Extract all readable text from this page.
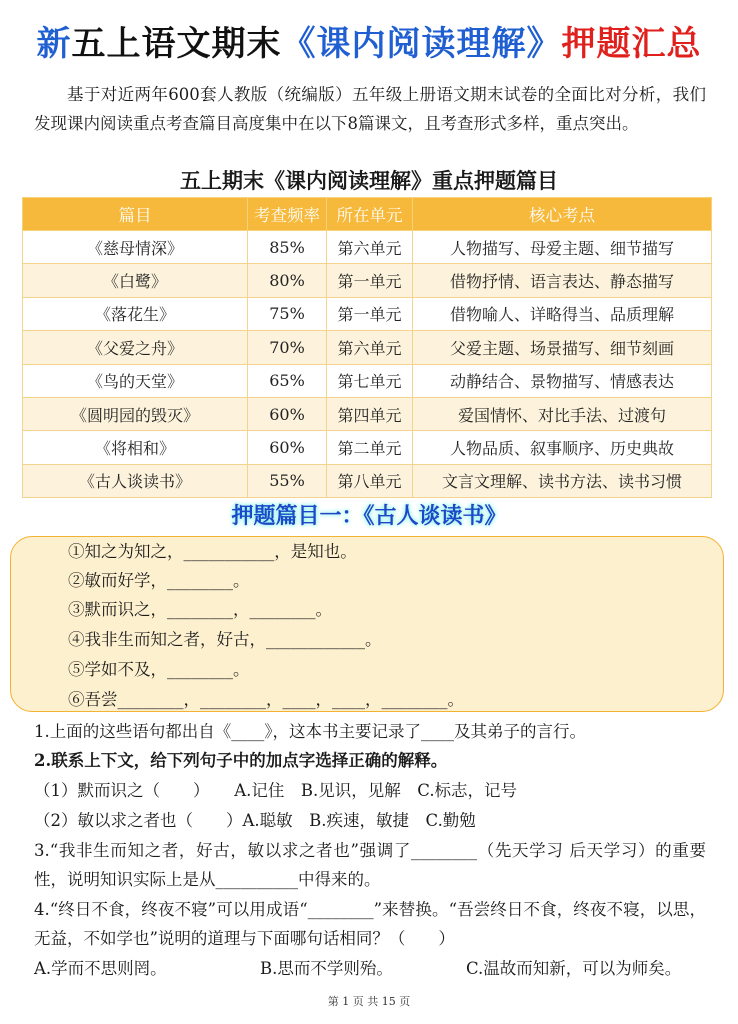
新五上语文期末《课内阅读理解》押题汇总

基于对近两年600套人教版（统编版）五年级上册语文期末试卷的全面比对分析，我们发现课内阅读重点考查篇目高度集中在以下8篇课文，且考查形式多样，重点突出。

五上期末《课内阅读理解》重点押题篇目
篇目	考查频率	所在单元	核心考点
《慈母情深》	85%	第六单元	人物描写、母爱主题、细节描写
《白鹭》	80%	第一单元	借物抒情、语言表达、静态描写
《落花生》	75%	第一单元	借物喻人、详略得当、品质理解
《父爱之舟》	70%	第六单元	父爱主题、场景描写、细节刻画
《鸟的天堂》	65%	第七单元	动静结合、景物描写、情感表达
《圆明园的毁灭》	60%	第四单元	爱国情怀、对比手法、过渡句
《将相和》	60%	第二单元	人物品质、叙事顺序、历史典故
《古人谈读书》	55%	第八单元	文言文理解、读书方法、读书习惯
押题篇目一：《古人谈读书》
①知之为知之，___________，是知也。
②敏而好学，________。
③默而识之，________，________。
④我非生而知之者，好古，____________。
⑤学如不及，________。
⑥吾尝________，________，____，____，________。
1.上面的这些语句都出自《____》，这本书主要记录了____及其弟子的言行。
2.联系上下文，给下列句子中的加点字选择正确的解释。
（1）默而识之（　　）　　A.记住　B.见识，见解　C.标志，记号
（2）敏以求之者也（　　）A.聪敏　B.疾速，敏捷　C.勤勉
3.“我非生而知之者，好古，敏以求之者也”强调了________（先天学习 后天学习）的重要性，说明知识实际上是从__________中得来的。
4.“终日不食，终夜不寝”可以用成语“________”来替换。“吾尝终日不食，终夜不寝，以思，无益，不如学也”说明的道理与下面哪句话相同？（　　）
A.学而不思则罔。	B.思而不学则殆。	C.温故而知新，可以为师矣。
第 1 页 共 15 页
